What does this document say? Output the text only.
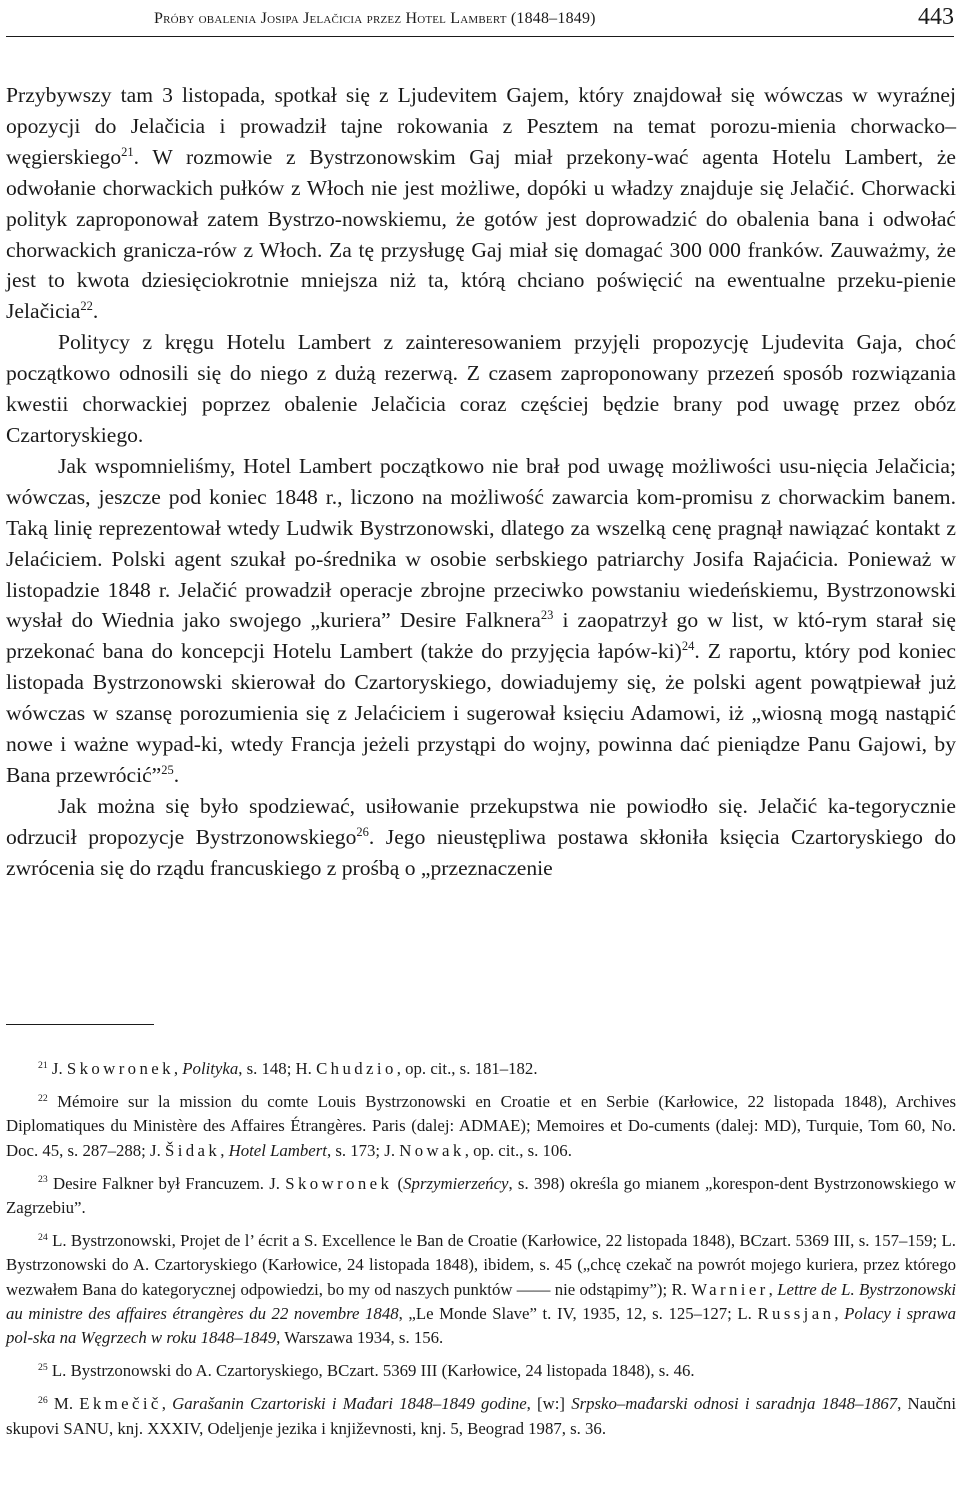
Próby obalenia Josipa Jelačicia przez Hotel Lambert (1848–1849)	443

Przybywszy tam 3 listopada, spotkał się z Ljudevitem Gajem, który znajdował się wówczas w wyraźnej opozycji do Jelačicia i prowadził tajne rokowania z Pesztem na temat porozu-mienia chorwacko–węgierskiego$^{21}$. W rozmowie z Bystrzonowskim Gaj miał przekony-wać agenta Hotelu Lambert, że odwołanie chorwackich pułków z Włoch nie jest możliwe, dopóki u władzy znajduje się Jelačić. Chorwacki polityk zaproponował zatem Bystrzo-nowskiemu, że gotów jest doprowadzić do obalenia bana i odwołać chorwackich granicza-rów z Włoch. Za tę przysługę Gaj miał się domagać 300 000 franków. Zauważmy, że jest to kwota dziesięciokrotnie mniejsza niż ta, którą chciano poświęcić na ewentualne przeku-pienie Jelačicia$^{22}$.

Politycy z kręgu Hotelu Lambert z zainteresowaniem przyjęli propozycję Ljudevita Gaja, choć początkowo odnosili się do niego z dużą rezerwą. Z czasem zaproponowany przezeń sposób rozwiązania kwestii chorwackiej poprzez obalenie Jelačicia coraz częściej będzie brany pod uwagę przez obóz Czartoryskiego.

Jak wspomnieliśmy, Hotel Lambert początkowo nie brał pod uwagę możliwości usu-nięcia Jelačicia; wówczas, jeszcze pod koniec 1848 r., liczono na możliwość zawarcia kom-promisu z chorwackim banem. Taką linię reprezentował wtedy Ludwik Bystrzonowski, dlatego za wszelką cenę pragnął nawiązać kontakt z Jelaćiciem. Polski agent szukał po-średnika w osobie serbskiego patriarchy Josifa Rajaćicia. Ponieważ w listopadzie 1848 r. Jelačić prowadził operacje zbrojne przeciwko powstaniu wiedeńskiemu, Bystrzonowski wysłał do Wiednia jako swojego „kuriera” Desire Falknera$^{23}$ i zaopatrzył go w list, w któ-rym starał się przekonać bana do koncepcji Hotelu Lambert (także do przyjęcia łapów-ki)$^{24}$. Z raportu, który pod koniec listopada Bystrzonowski skierował do Czartoryskiego, dowiadujemy się, że polski agent powątpiewał już wówczas w szansę porozumienia się z Jelaćiciem i sugerował księciu Adamowi, iż „wiosną mogą nastąpić nowe i ważne wypad-ki, wtedy Francja jeżeli przystąpi do wojny, powinna dać pieniądze Panu Gajowi, by Bana przewrócić”$^{25}$.

Jak można się było spodziewać, usiłowanie przekupstwa nie powiodło się. Jelačić ka-tegorycznie odrzucił propozycje Bystrzonowskiego$^{26}$. Jego nieustępliwa postawa skłoniła księcia Czartoryskiego do zwrócenia się do rządu francuskiego z prośbą o „przeznaczenie

$^{21}$ J. Skowronek, Polityka, s. 148; H. Chudzio, op. cit., s. 181–182.

$^{22}$ Mémoire sur la mission du comte Louis Bystrzonowski en Croatie et en Serbie (Karłowice, 22 listopada 1848), Archives Diplomatiques du Ministère des Affaires Étrangères. Paris (dalej: ADMAE); Memoires et Do-cuments (dalej: MD), Turquie, Tom 60, No. Doc. 45, s. 287–288; J. Šidak, Hotel Lambert, s. 173; J. Nowak, op. cit., s. 106.

$^{23}$ Desire Falkner był Francuzem. J. Skowronek (Sprzymierzeńcy, s. 398) określa go mianem „korespon-dent Bystrzonowskiego w Zagrzebiu”.

$^{24}$ L. Bystrzonowski, Projet de l’ écrit a S. Excellence le Ban de Croatie (Karłowice, 22 listopada 1848), BCzart. 5369 III, s. 157–159; L. Bystrzonowski do A. Czartoryskiego (Karłowice, 24 listopada 1848), ibidem, s. 45 („chcę czekač na powrót mojego kuriera, przez którego wezwałem Bana do kategorycznej odpowiedzi, bo my od naszych punktów —— nie odstąpimy”); R. Warnier, Lettre de L. Bystrzonowski au ministre des affaires étrangères du 22 novembre 1848, „Le Monde Slave” t. IV, 1935, 12, s. 125–127; L. Russjan, Polacy i sprawa pol-ska na Węgrzech w roku 1848–1849, Warszawa 1934, s. 156.

$^{25}$ L. Bystrzonowski do A. Czartoryskiego, BCzart. 5369 III (Karłowice, 24 listopada 1848), s. 46.

$^{26}$ M. Ekmečič, Garašanin Czartoriski i Mađari 1848–1849 godine, [w:] Srpsko–mađarski odnosi i saradnja 1848–1867, Naučni skupovi SANU, knj. XXXIV, Odeljenje jezika i književnosti, knj. 5, Beograd 1987, s. 36.
